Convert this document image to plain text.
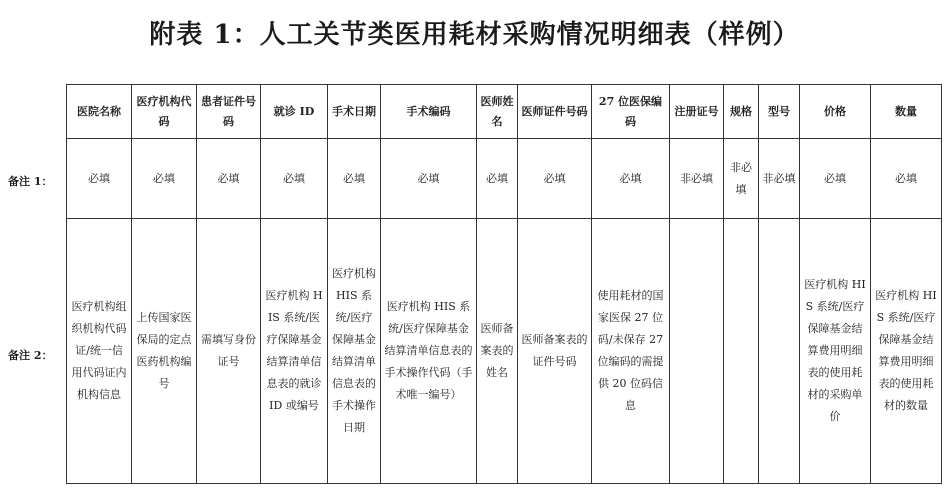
附表 1：人工关节类医用耗材采购情况明细表（样例）
备注 1：
备注 2：
医院名称	医疗机构代码	患者证件号码	就诊 ID	手术日期	手术编码	医师姓名	医师证件号码	27 位医保编码	注册证号	规格	型号	价格	数量
必填	必填	必填	必填	必填	必填	必填	必填	必填	非必填	非必填	非必填	必填	必填
医疗机构组织机构代码证/统一信用代码证内机构信息	上传国家医保局的定点医药机构编号	需填写身份证号	医疗机构 HIS 系统/医疗保障基金结算清单信息表的就诊 ID 或编号	医疗机构 HIS 系统/医疗保障基金结算清单信息表的手术操作日期	医疗机构 HIS 系统/医疗保障基金结算清单信息表的手术操作代码（手术唯一编号）	医师备案表的姓名	医师备案表的证件号码	使用耗材的国家医保 27 位码/未保存 27 位编码的需提供 20 位码信息				医疗机构 HIS 系统/医疗保障基金结算费用明细表的使用耗材的采购单价	医疗机构 HIS 系统/医疗保障基金结算费用明细表的使用耗材的数量
